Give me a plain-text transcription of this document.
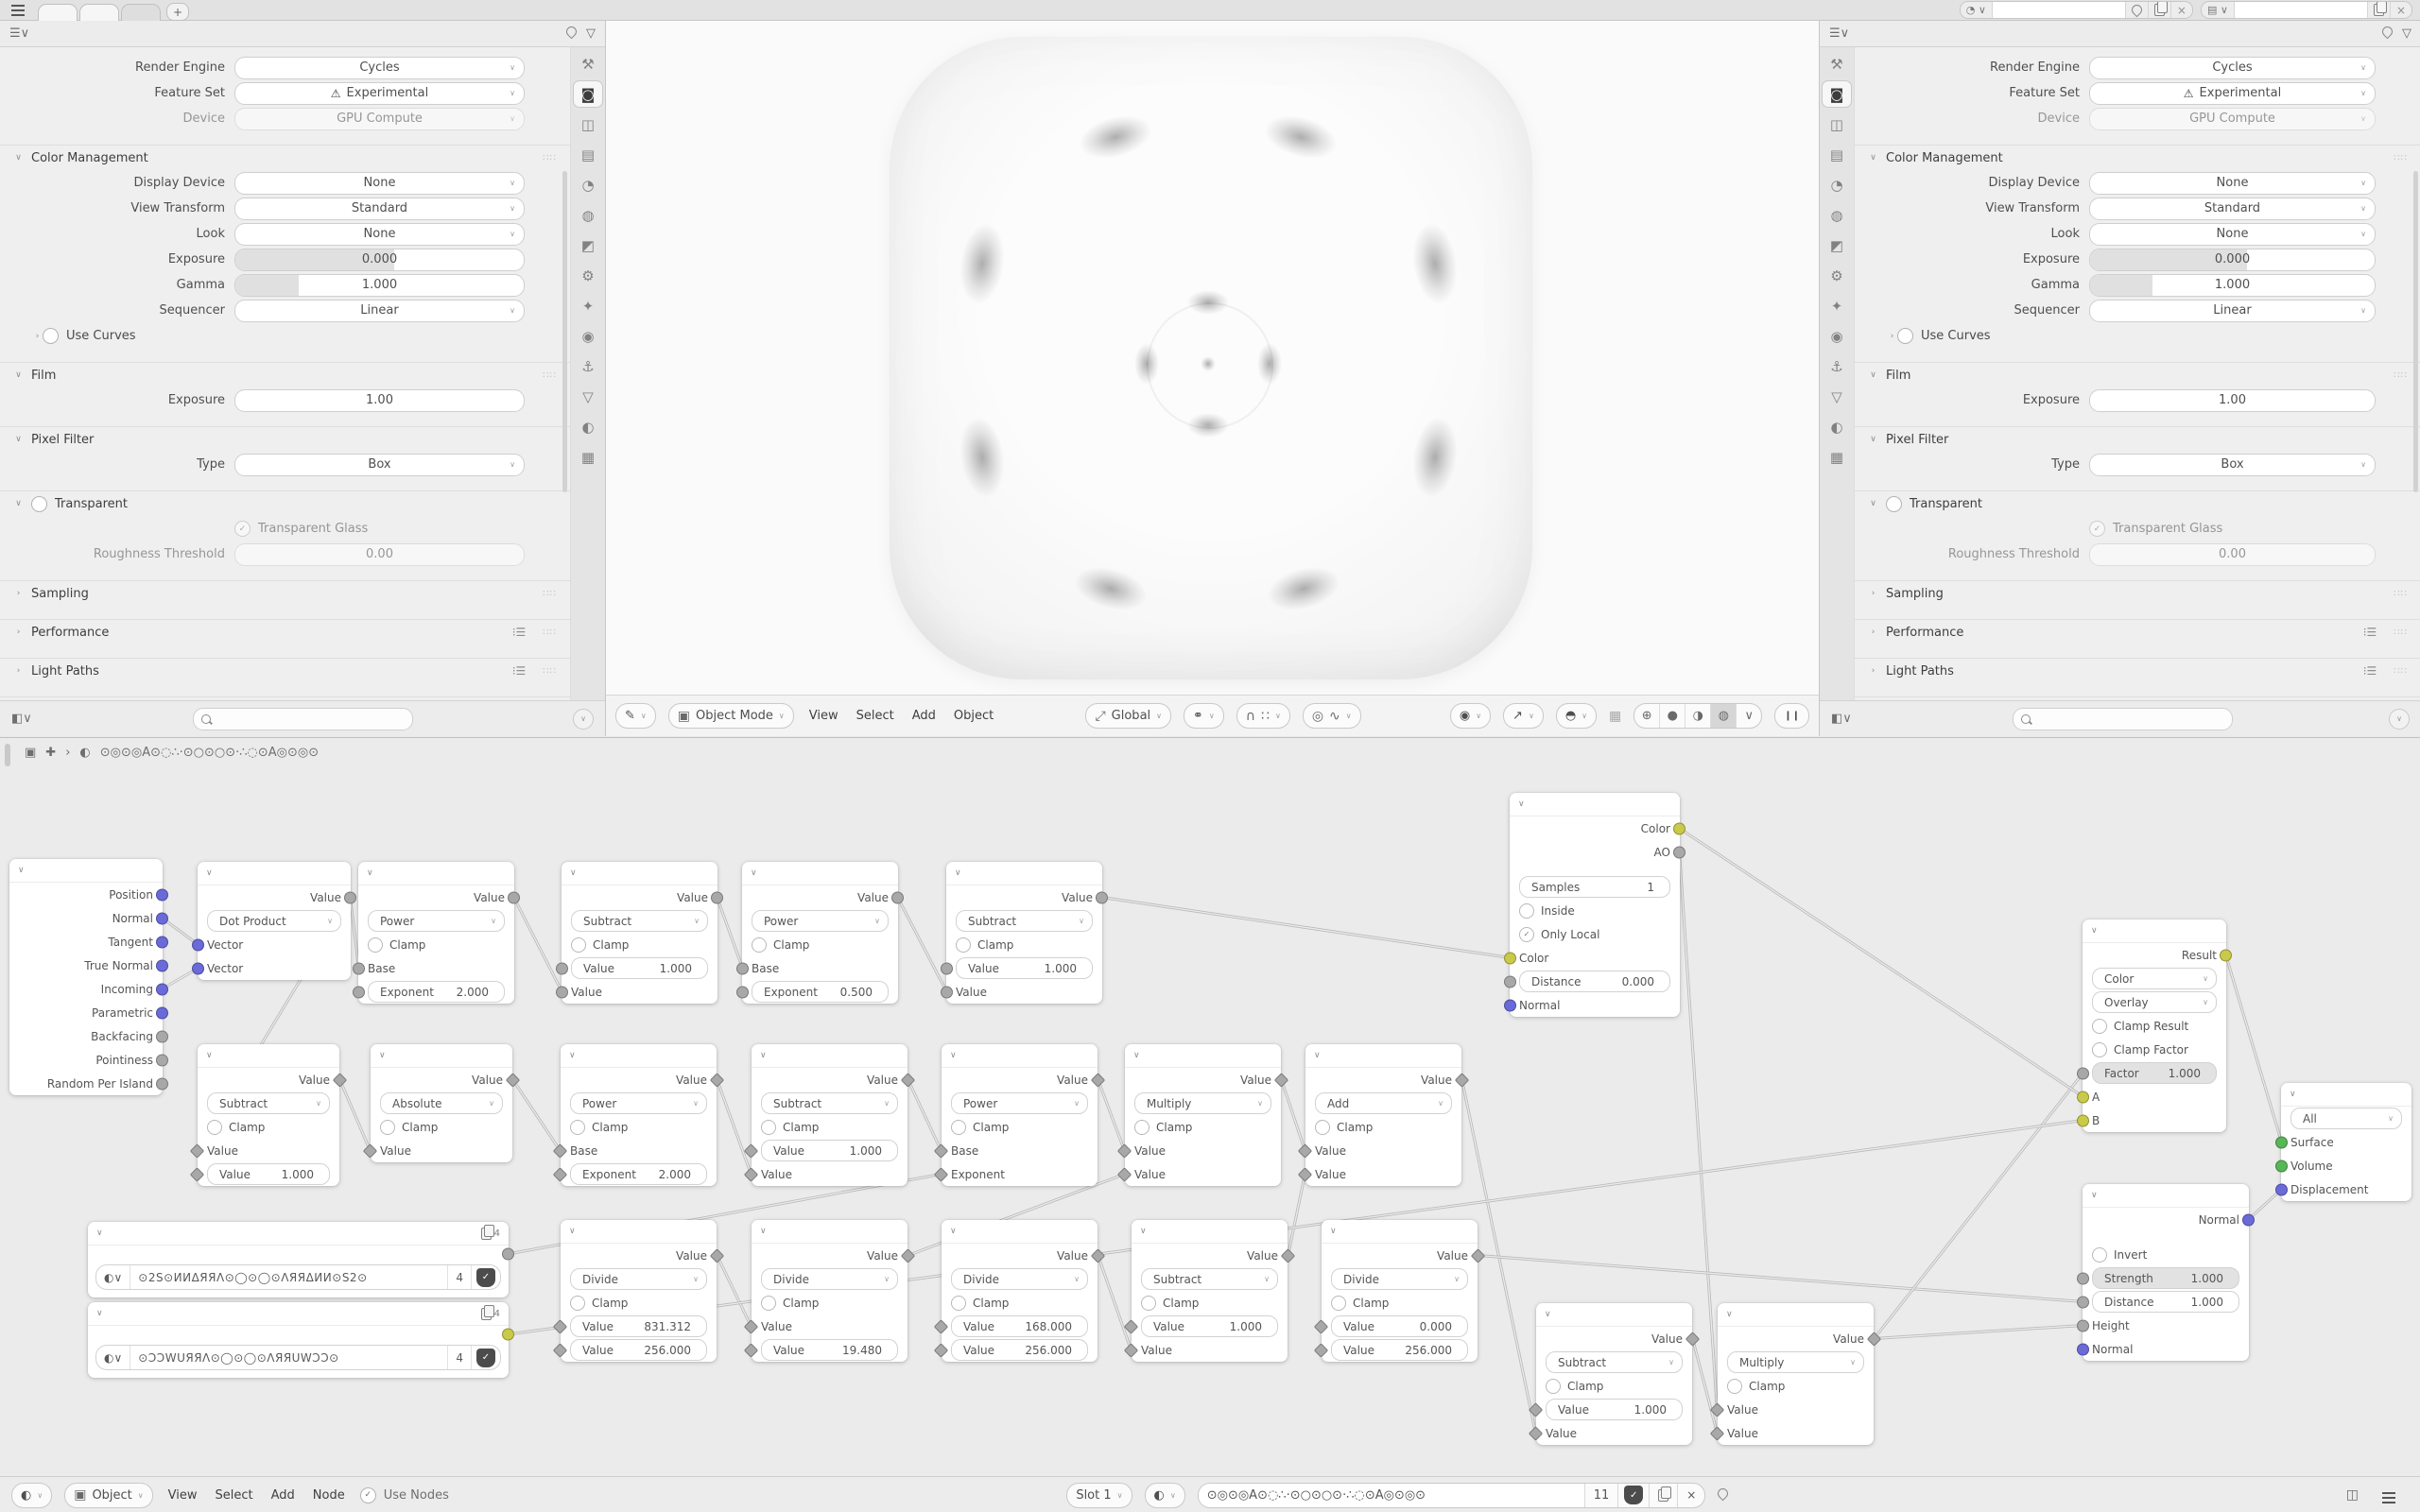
+	◔ ∨	×	▤ ∨	×
☰∨	▽
⚒
◙
◫
▤
◔
◍
◩
⚙
✦
◉
⚓
▽
◐
▦
Render Engine	Cycles
∨
Feature Set	⚠ Experimental
∨
Device	GPU Compute
∨
∨ Color Management	∷∷
Display Device	None
∨
View Transform	Standard
∨
Look	None
∨
Exposure	0.000
Gamma	1.000
Sequencer	Linear
∨
› Use Curves
∨ Film	∷∷
Exposure	1.00
∨ Pixel Filter
Type	Box
∨
∨	Transparent
✓ Transparent Glass
Roughness Threshold	0.00
› Sampling	∷∷
› Performance	⁝☰ ∷∷
› Light Paths	⁝☰ ∷∷
◧∨	∨	✎ ∨ ▣ Object Mode ∨ View Select Add Object	⤢ Global ∨	⚭ ∨ ∩ ∷ ∨ ◎ ∿ ∨	◉ ∨	↗ ∨	◓ ∨ ▦	⊕	●	◑	◍	∨	❙❙
☰∨	▽
⚒
◙
◫
▤
◔
◍
◩
⚙
✦
◉
⚓
▽
◐
▦
Render Engine	Cycles
∨
Feature Set	⚠ Experimental
∨
Device	GPU Compute
∨
∨ Color Management	∷∷
Display Device	None
∨
View Transform	Standard
∨
Look	None
∨
Exposure	0.000
Gamma	1.000
Sequencer	Linear
∨
› Use Curves
∨ Film	∷∷
Exposure	1.00
∨ Pixel Filter
Type	Box
∨
∨	Transparent
✓ Transparent Glass
Roughness Threshold	0.00
› Sampling	∷∷
› Performance	⁝☰ ∷∷
› Light Paths	⁝☰ ∷∷
◧∨	∨
▣ ✚ › ◐ ⊙◎⊙◎A⊙◌∴·⊙○⊙○⊙·∴◌⊙A◎⊙◎⊙
∨
Position
Normal
Tangent
True Normal
Incoming
Parametric
Backfacing
Pointiness
Random Per Island
∨
Value
Dot Product
∨
Vector
Vector
∨
Value
Power
∨
Clamp
Base
Exponent 2.000
∨
Value
Subtract
∨
Clamp
Value	1.000
Value
∨
Value
Power
∨
Clamp
Base
Exponent 0.500
∨
Value
Subtract
∨
Clamp
Value	1.000
Value
∨
Value
Subtract
∨
Clamp
Value
Value	1.000
∨
Value
Absolute
∨
Clamp
Value
∨
Value
Power
∨
Clamp
Base
Exponent 2.000
∨
Value
Subtract
∨
Clamp
Value	1.000
Value
∨
Value
Power
∨
Clamp
Base
Exponent
∨
Value
Multiply
∨
Clamp
Value
Value
∨
Value
Add
∨
Clamp
Value
Value
∨	4
◐ ∨	⊙2S⊙ИИΔЯЯΛ⊙◯⊙◯⊙ΛЯЯΔИИ⊙S2⊙	4	✓
∨	4
◐ ∨	⊙ƆƆWUЯЯΛ⊙◯⊙◯⊙ΛЯЯUWƆƆ⊙	4	✓
∨
Value
Divide
∨
Clamp
Value	831.312
Value	256.000
∨
Value
Divide
∨
Clamp
Value
Value	19.480
∨
Value
Divide
∨
Clamp
Value	168.000
Value	256.000
∨
Value
Subtract
∨
Clamp
Value	1.000
Value
∨
Value
Divide
∨
Clamp
Value	0.000
Value	256.000
∨
Value
Subtract
∨
Clamp
Value	1.000
Value
∨
Value
Multiply
∨
Clamp
Value
Value
∨
Color
AO
Samples	1
Inside
✓ Only Local
Color
Distance	0.000
Normal
∨
Result
Color
∨
Overlay
∨
Clamp Result
Clamp Factor
Factor	1.000
A
B
∨
Normal
Invert
Strength	1.000
Distance	1.000
Height
Normal
∨
All
∨
Surface
Volume
Displacement
◐ ∨ ▣ Object ∨ View Select Add Node	✓ Use Nodes	Slot 1 ∨	◐ ∨	⊙◎⊙◎A⊙◌∴·⊙○⊙○⊙·∴◌⊙A◎⊙◎⊙	11	✓	×	◫
